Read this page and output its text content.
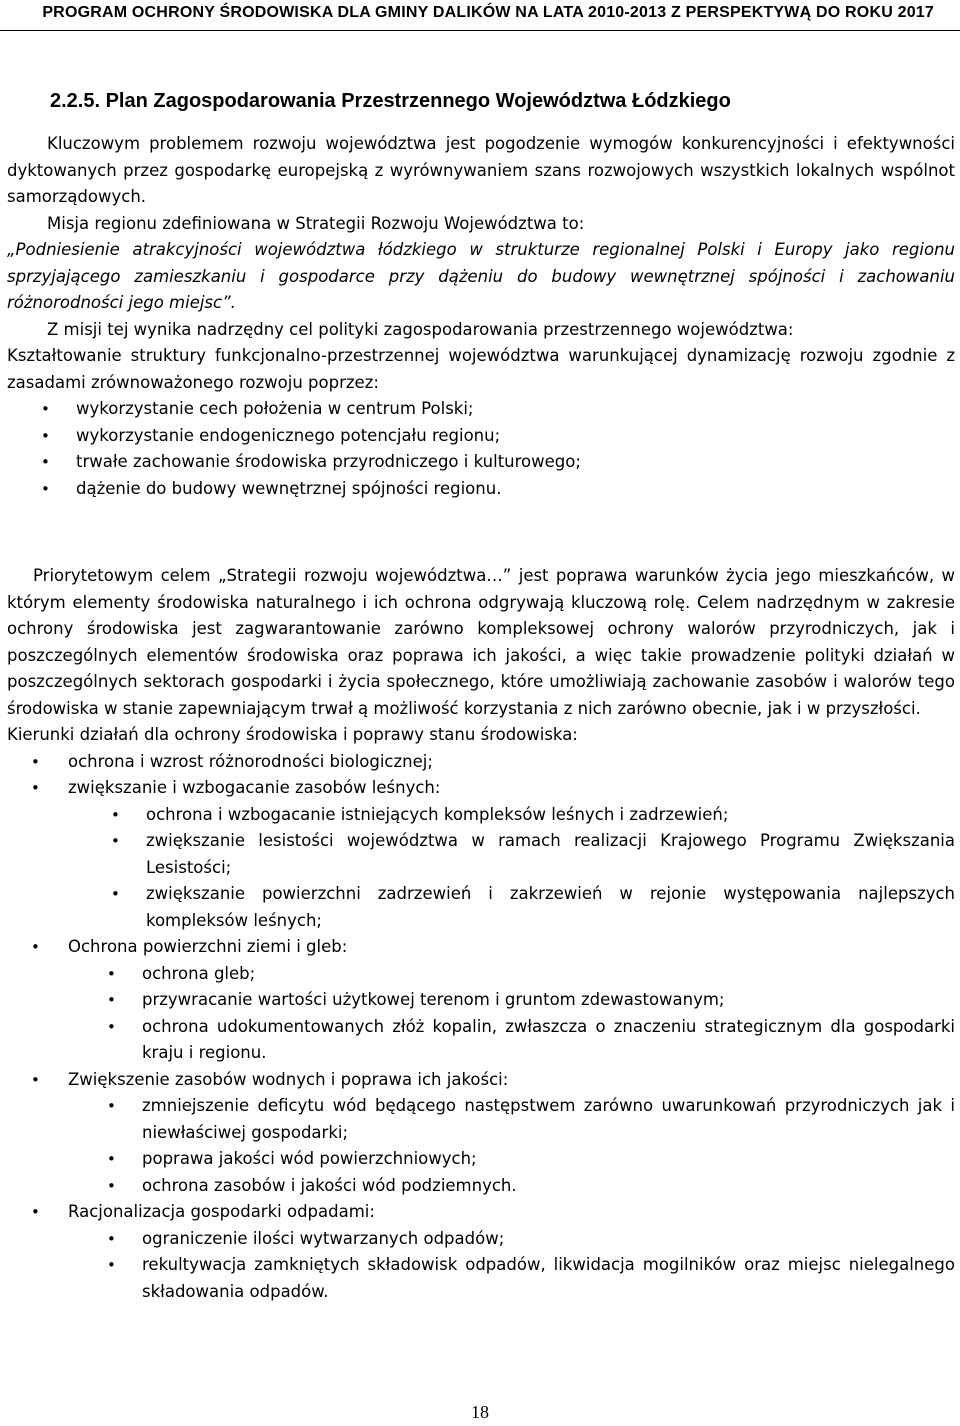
PROGRAM OCHRONY ŚRODOWISKA DLA GMINY DALIKÓW NA LATA 2010-2013 Z PERSPEKTYWĄ DO ROKU 2017
2.2.5. Plan Zagospodarowania Przestrzennego Województwa Łódzkiego

Kluczowym problemem rozwoju województwa jest pogodzenie wymogów konkurencyjności i efektywności dyktowanych przez gospodarkę europejską z wyrównywaniem szans rozwojowych wszystkich lokalnych wspólnot samorządowych.

Misja regionu zdefiniowana w Strategii Rozwoju Województwa to:

„Podniesienie atrakcyjności województwa łódzkiego w strukturze regionalnej Polski i Europy jako regionu sprzyjającego zamieszkaniu i gospodarce przy dążeniu do budowy wewnętrznej spójności i zachowaniu różnorodności jego miejsc”.

Z misji tej wynika nadrzędny cel polityki zagospodarowania przestrzennego województwa:

Kształtowanie struktury funkcjonalno-przestrzennej województwa warunkującej dynamizację rozwoju zgodnie z zasadami zrównoważonego rozwoju poprzez:

• wykorzystanie cech położenia w centrum Polski;
• wykorzystanie endogenicznego potencjału regionu;
• trwałe zachowanie środowiska przyrodniczego i kulturowego;
• dążenie do budowy wewnętrznej spójności regionu.

Priorytetowym celem „Strategii rozwoju województwa…” jest poprawa warunków życia jego mieszkańców, w którym elementy środowiska naturalnego i ich ochrona odgrywają kluczową rolę. Celem nadrzędnym w zakresie ochrony środowiska jest zagwarantowanie zarówno kompleksowej ochrony walorów przyrodniczych, jak i poszczególnych elementów środowiska oraz poprawa ich jakości, a więc takie prowadzenie polityki działań w poszczególnych sektorach gospodarki i życia społecznego, które umożliwiają zachowanie zasobów i walorów tego środowiska w stanie zapewniającym trwał ą możliwość korzystania z nich zarówno obecnie, jak i w przyszłości.

Kierunki działań dla ochrony środowiska i poprawy stanu środowiska:

• ochrona i wzrost różnorodności biologicznej;
• zwiększanie i wzbogacanie zasobów leśnych:
• ochrona i wzbogacanie istniejących kompleksów leśnych i zadrzewień;
• zwiększanie lesistości województwa w ramach realizacji Krajowego Programu Zwiększania Lesistości;
• zwiększanie powierzchni zadrzewień i zakrzewień w rejonie występowania najlepszych kompleksów leśnych;
• Ochrona powierzchni ziemi i gleb:
• ochrona gleb;
• przywracanie wartości użytkowej terenom i gruntom zdewastowanym;
• ochrona udokumentowanych złóż kopalin, zwłaszcza o znaczeniu strategicznym dla gospodarki kraju i regionu.
• Zwiększenie zasobów wodnych i poprawa ich jakości:
• zmniejszenie deficytu wód będącego następstwem zarówno uwarunkowań przyrodniczych jak i niewłaściwej gospodarki;
• poprawa jakości wód powierzchniowych;
• ochrona zasobów i jakości wód podziemnych.
• Racjonalizacja gospodarki odpadami:
• ograniczenie ilości wytwarzanych odpadów;
• rekultywacja zamkniętych składowisk odpadów, likwidacja mogilników oraz miejsc nielegalnego składowania odpadów.
18
